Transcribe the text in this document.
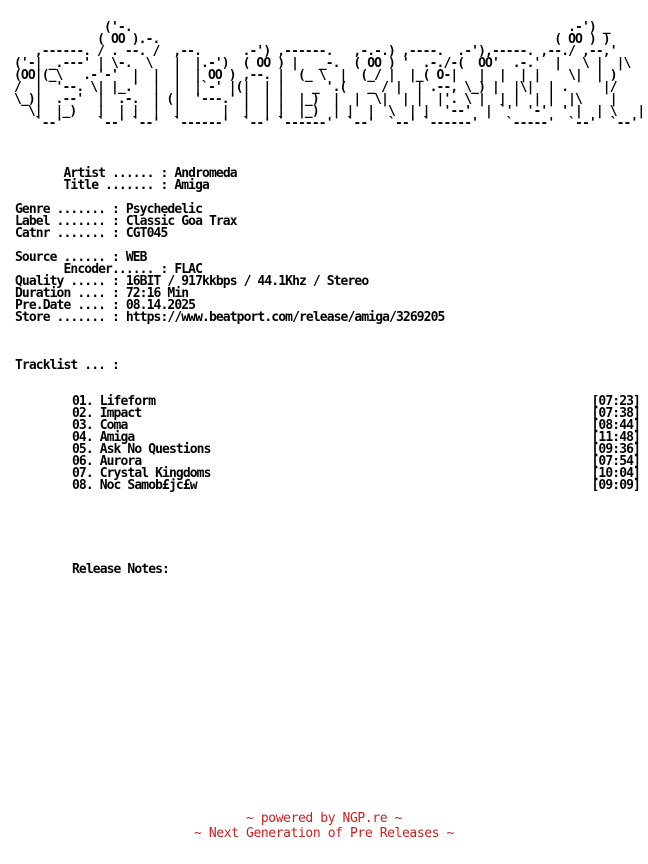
('-.                                                               .-') _
( OO ).-.                                                         ( OO ) )
,------. / . --. /  ,--.      .-') ,------.   ,-.-.) ,----.  .-'),-----. ,--./ ,--,'
('-| _.---' | \-.  \   |  |.-')  ( OO ) |   _-.  ( OO ) '  .-./-(  OO'  .-.'  |   \ |  |\
(OO|(_\   .-'-'  |  |  |  | OO ) ,--. |  (_ \  |  (_/ |  |_( O-|   |  |  | |    \|  | )
/  |  '--. \| |_.'  |  |  |`-' |(|  | |    _ '.(   _ / |  | .--, \_) |  |\|  | .     |/
\_)|  .--'  |  .-.  | (|  '---.' |  | |  |_)  |  |  \|  | |  |'. \ |  | |  | |  |\    |
\|  |_)   |  | |  |  |      |  |  | |  |_)  | |  |  \  | |  '--'  | `'  '-'  ' |  | \   |
`--'     `--' `--'  `------'  `--' `------'  `--'  `--' `------'    `-----'  `--'  `--'
Artist ...... : Andromeda
Title ....... : Amiga
Genre ....... : Psychedelic
Label ....... : Classic Goa Trax
Catnr ....... : CGT045
Source ...... : WEB
Encoder...... : FLAC
Quality ..... : 16BIT / 917kkbps / 44.1Khz / Stereo
Duration .... : 72:16 Min
Pre.Date .... : 08.14.2025
Store ....... : https://www.beatport.com/release/amiga/3269205
Tracklist ... :
01. Lifeform	[07:23]
02. Impact	[07:38]
03. Coma	[08:44]
04. Amiga	[11:48]
05. Ask No Questions	[09:36]
06. Aurora	[07:54]
07. Crystal Kingdoms	[10:04]
08. Noc Samob£jc£w	[09:09]
Release Notes:
~ powered by NGP.re ~
~ Next Generation of Pre Releases ~
